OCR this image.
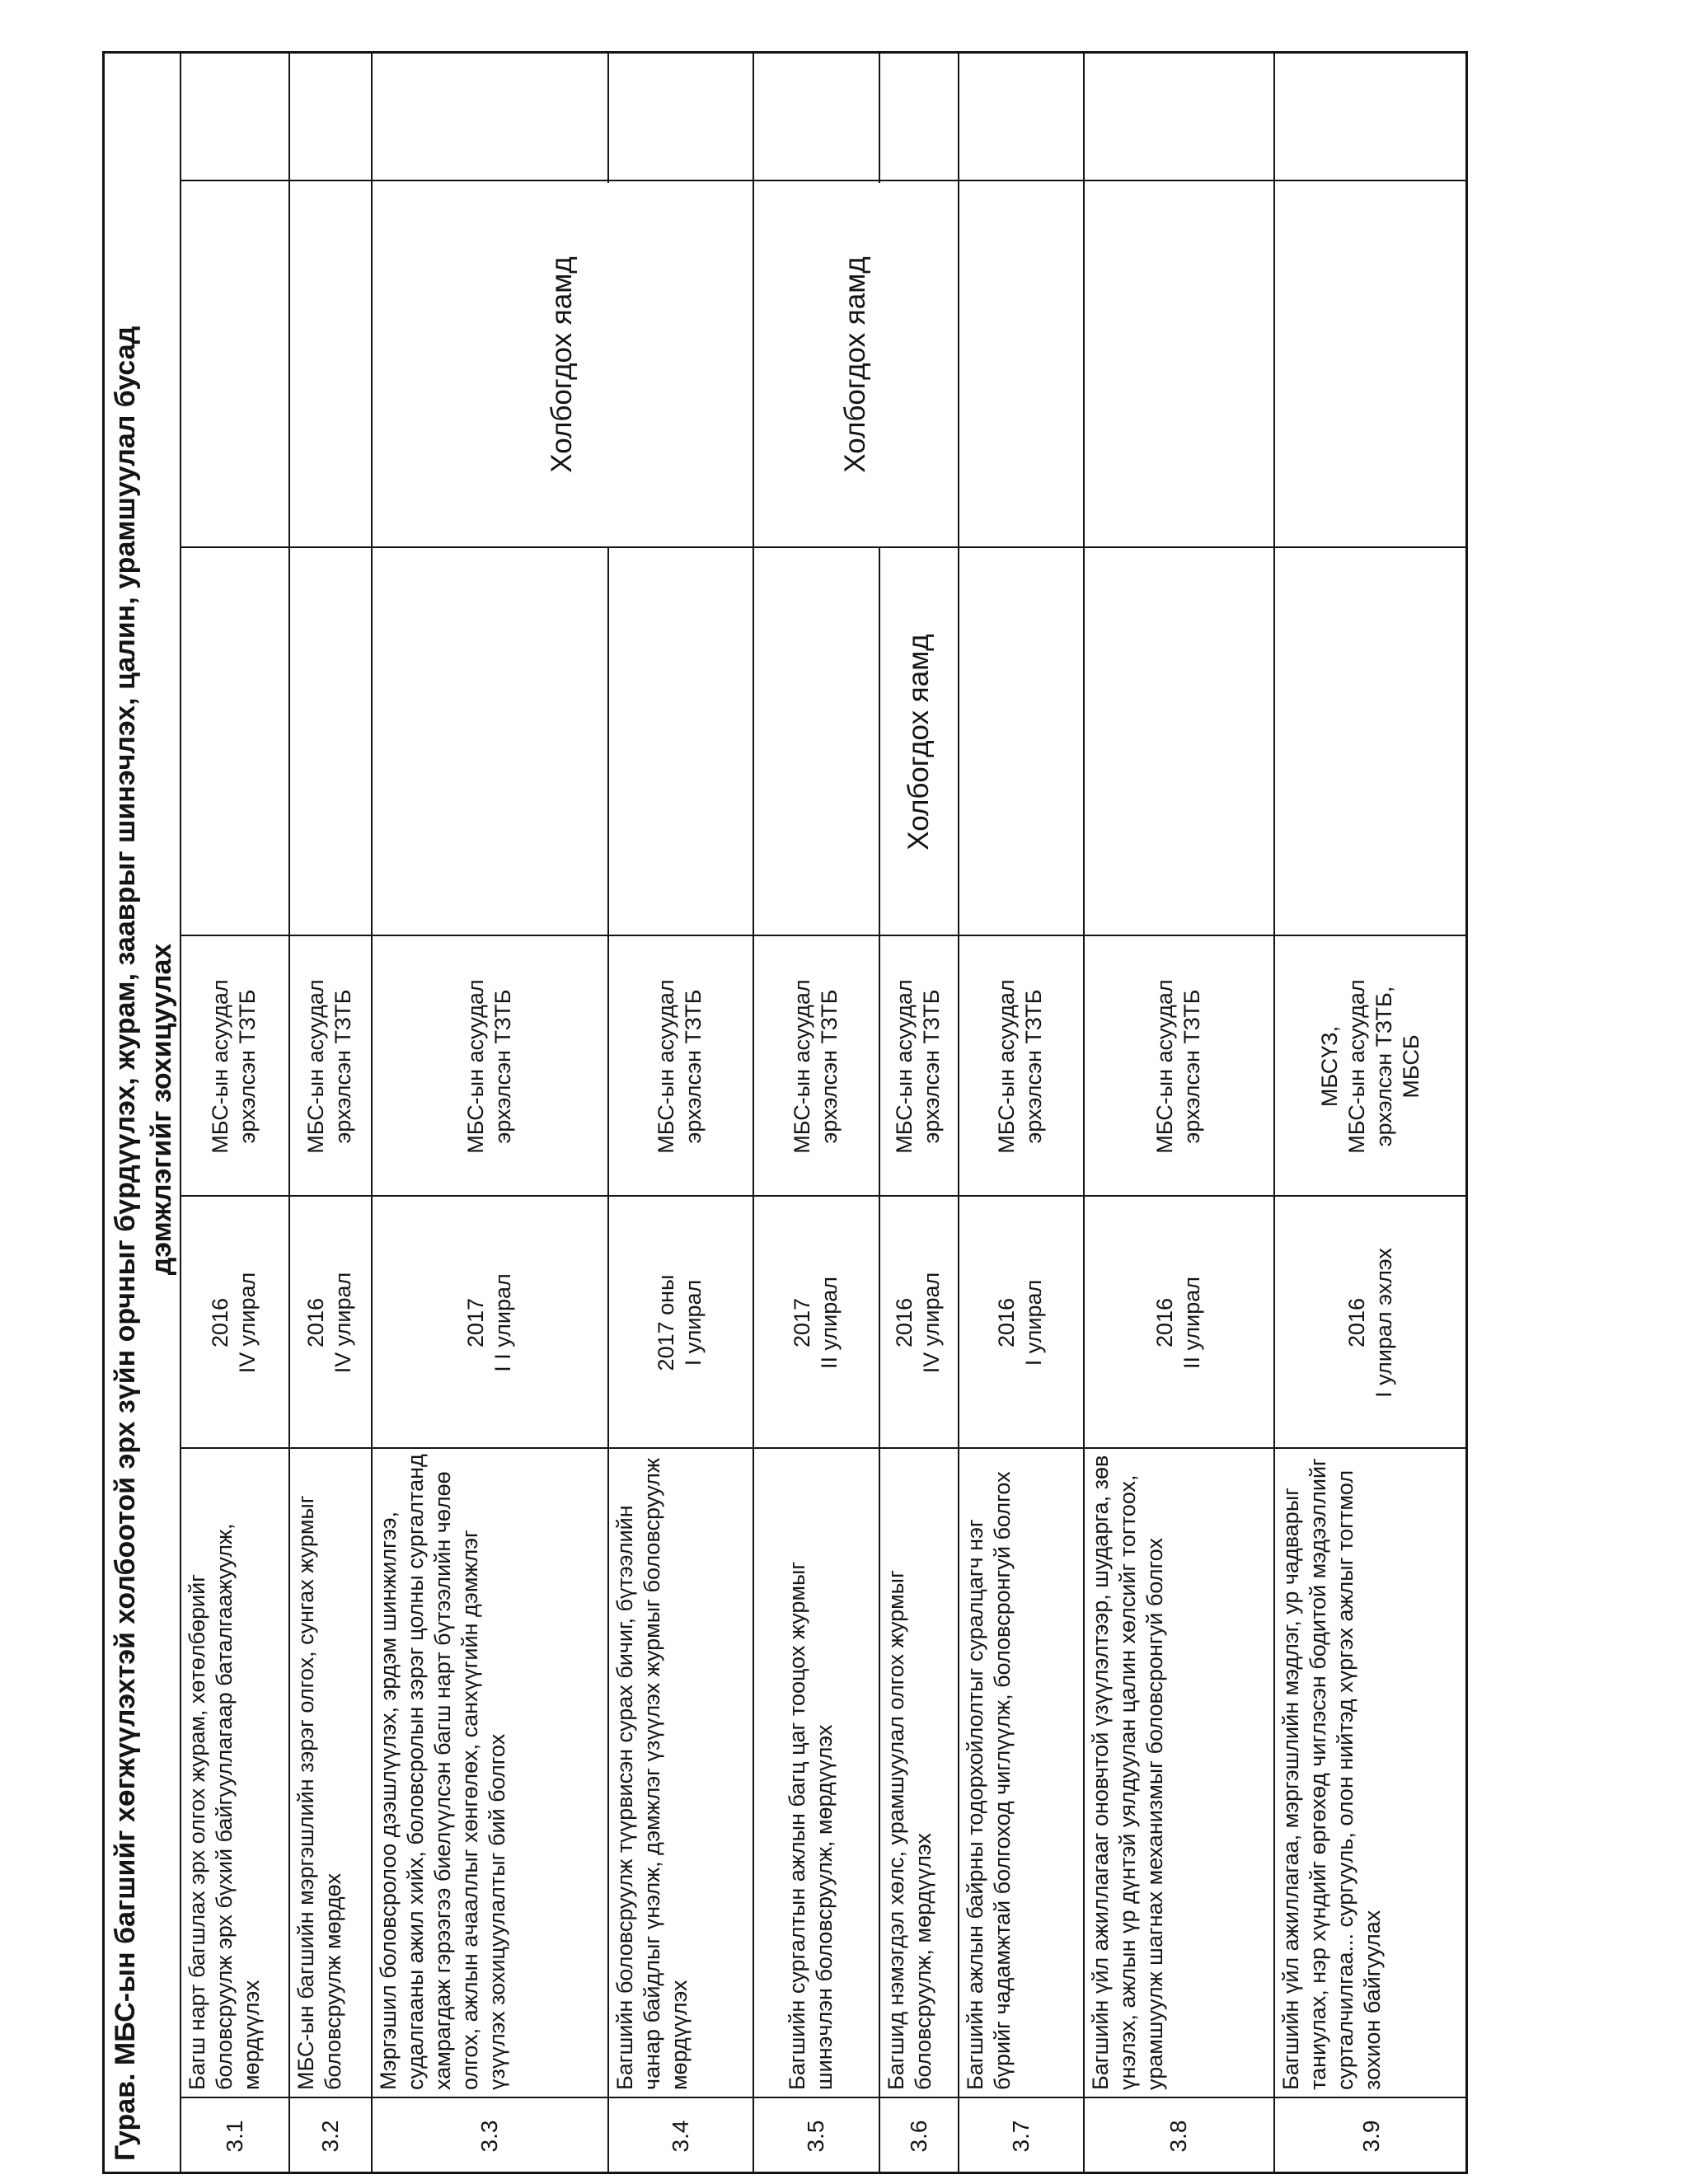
Гурав. МБС-ын багшийг хөгжүүлэхтэй холбоотой эрх зүйн орчныг бүрдүүлэх, журам, зааврыг шинэчлэх, цалин, урамшуулал бусад дэмжлэгийг зохицуулах
3.1
Багш нарт багшлах эрх олгох журам, хөтөлбөрийг боловсруулж эрх бүхий байгууллагаар баталгаажуулж, мөрдүүлэх
2016 IV улирал
МБС-ын асуудал эрхэлсэн ТЗТБ
3.2
МБС-ын багшийн мэргэшлийн зэрэг олгох, сунгах журмыг боловсруулж мөрдөх
2016 IV улирал
МБС-ын асуудал эрхэлсэн ТЗТБ
3.3
Мэргэшил боловсролоо дээшлүүлэх, эрдэм шинжилгээ, судалгааны ажил хийх, боловсролын зэрэг цолны сургалтанд хамрагдаж гэрээгээ биелүүлсэн багш нарт бүтээлийн чөлөө олгох, ажлын ачааллыг хөнгөлөх, санхүүгийн дэмжлэг үзүүлэх зохицуулалтыг бий болгох
2017 I I улирал
МБС-ын асуудал эрхэлсэн ТЗТБ
3.4
Багшийн боловсруулж түүрвисэн сурах бичиг, бүтээлийн чанар байдлыг үнэлж, дэмжлэг үзүүлэх журмыг боловсруулж мөрдүүлэх
2017 оны I улирал
МБС-ын асуудал эрхэлсэн ТЗТБ
3.5
Багшийн сургалтын ажлын багц цаг тооцох журмыг шинэчлэн боловсруулж, мөрдүүлэх
2017 II улирал
МБС-ын асуудал эрхэлсэн ТЗТБ
3.6
Багшид нэмэгдэл хөлс, урамшуулал олгох журмыг боловсруулж, мөрдүүлэх
2016 IV улирал
МБС-ын асуудал эрхэлсэн ТЗТБ
3.7
Багшийн ажлын байрны тодорхойлолтыг суралцагч нэг бүрийг чадамжтай болгоход чиглүүлж, боловсронгуй болгох
2016 I улирал
МБС-ын асуудал эрхэлсэн ТЗТБ
3.8
Багшийн үйл ажиллагааг оновчтой үзүүлэлтээр, шударга, зөв үнэлэх, ажлын үр дүнтэй уялдуулан цалин хөлсийг тогтоох, урамшуулж шагнах механизмыг боловсронгуй болгох
2016 II улирал
МБС-ын асуудал эрхэлсэн ТЗТБ
3.9
Багшийн үйл ажиллагаа, мэргэшлийн мэдлэг, ур чадварыг таниулах, нэр хүндийг өргөхөд чиглэсэн бодитой мэдээллийг сурталчилгаа... сургууль, олон нийтэд хүргэх ажлыг тогтмол зохион байгуулах
2016 I улирал эхлэх
МБСҮЗ, МБС-ын асуудал эрхэлсэн ТЗТБ, МБСБ
Холбогдох яамд	Холбогдох яамд
Холбогдох яамд
